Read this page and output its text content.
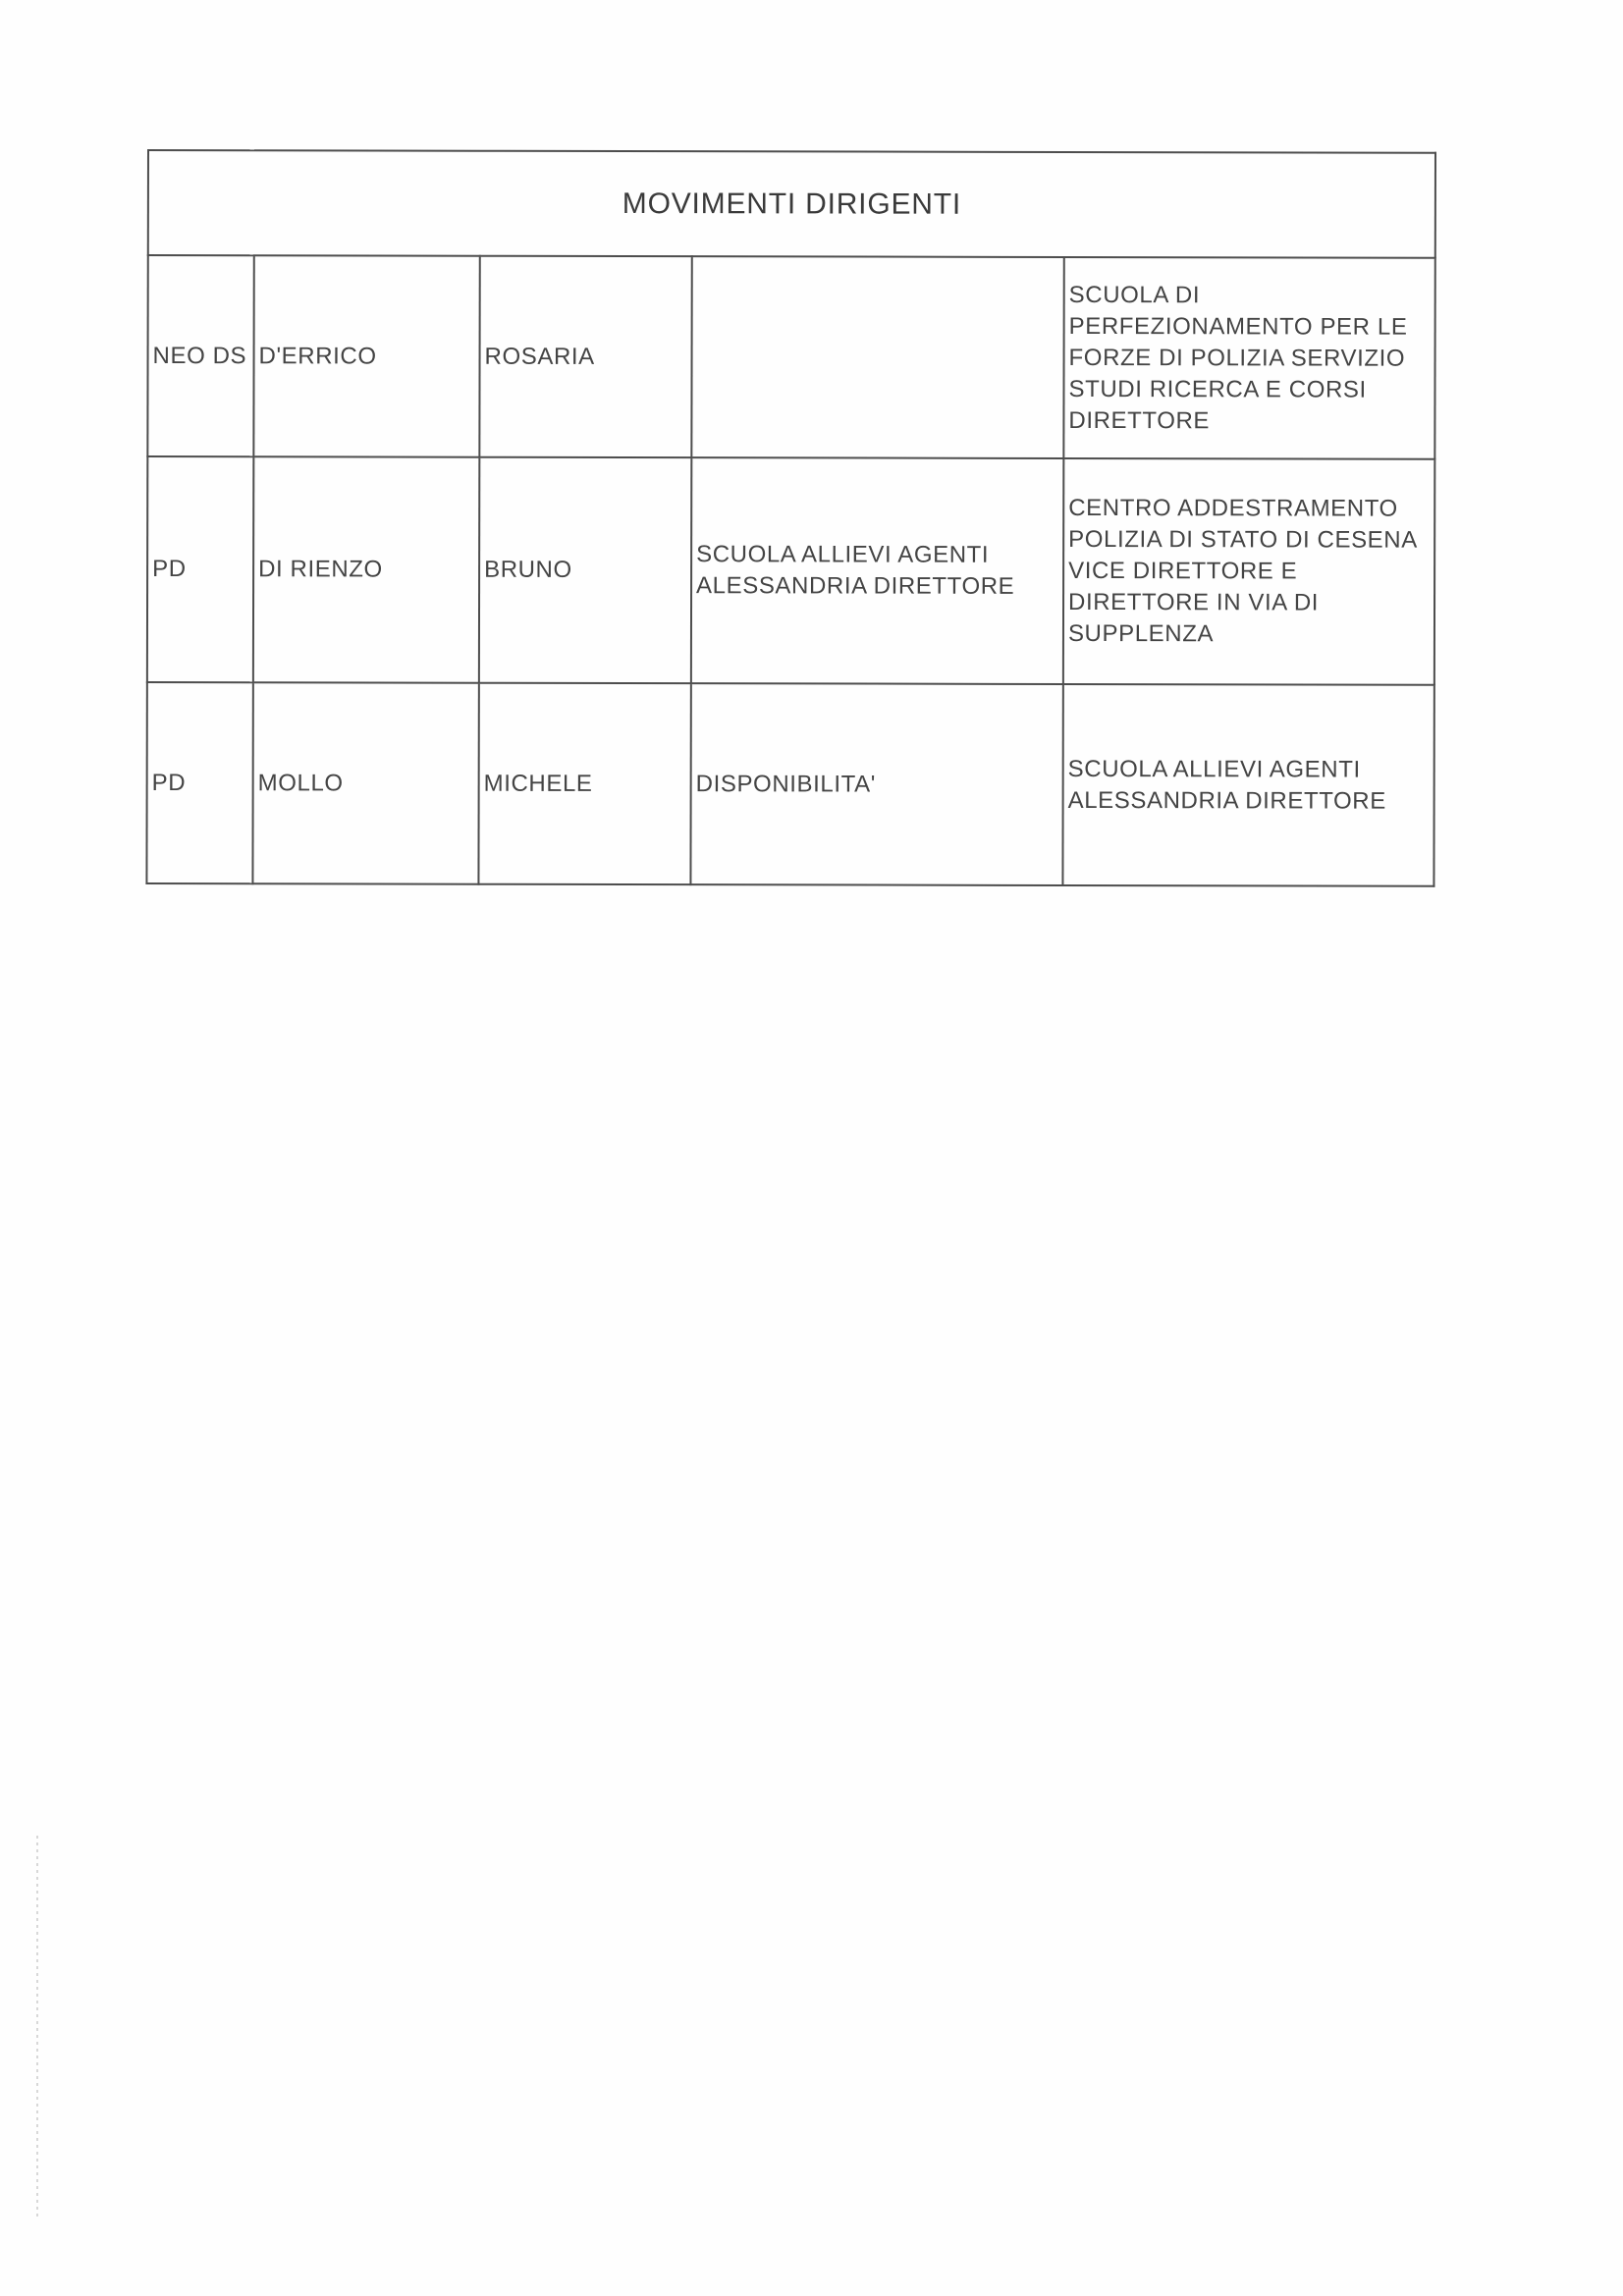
MOVIMENTI DIRIGENTI				
NEO DS	D'ERRICO	ROSARIA		SCUOLA DI PERFEZIONAMENTO PER LE FORZE DI POLIZIA SERVIZIO STUDI RICERCA E CORSI DIRETTORE
PD	DI RIENZO	BRUNO	SCUOLA ALLIEVI AGENTI ALESSANDRIA DIRETTORE	CENTRO ADDESTRAMENTO POLIZIA DI STATO DI CESENA VICE DIRETTORE E DIRETTORE IN VIA DI SUPPLENZA
PD	MOLLO	MICHELE	DISPONIBILITA'	SCUOLA ALLIEVI AGENTI ALESSANDRIA DIRETTORE
